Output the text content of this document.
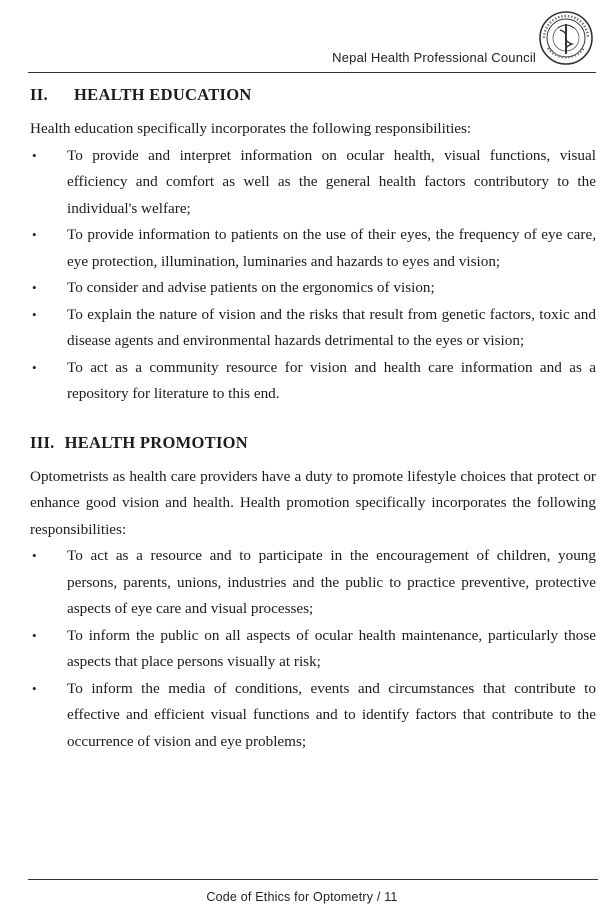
Nepal Health Professional Council
II.	HEALTH EDUCATION

Health education specifically incorporates the following responsibilities:

• To provide and interpret information on ocular health, visual functions, visual efficiency and comfort as well as the general health factors contributory to the individual's welfare;
• To provide information to patients on the use of their eyes, the frequency of eye care, eye protection, illumination, luminaries and hazards to eyes and vision;
• To consider and advise patients on the ergonomics of vision;
• To explain the nature of vision and the risks that result from genetic factors, toxic and disease agents and environmental hazards detrimental to the eyes or vision;
• To act as a community resource for vision and health care information and as a repository for literature to this end.
III. HEALTH PROMOTION

Optometrists as health care providers have a duty to promote lifestyle choices that protect or enhance good vision and health. Health promotion specifically incorporates the following responsibilities:

• To act as a resource and to participate in the encouragement of children, young persons, parents, unions, industries and the public to practice preventive, protective aspects of eye care and visual processes;
• To inform the public on all aspects of ocular health maintenance, particularly those aspects that place persons visually at risk;
• To inform the media of conditions, events and circumstances that contribute to effective and efficient visual functions and to identify factors that contribute to the occurrence of vision and eye problems;
Code of Ethics for Optometry / 11
